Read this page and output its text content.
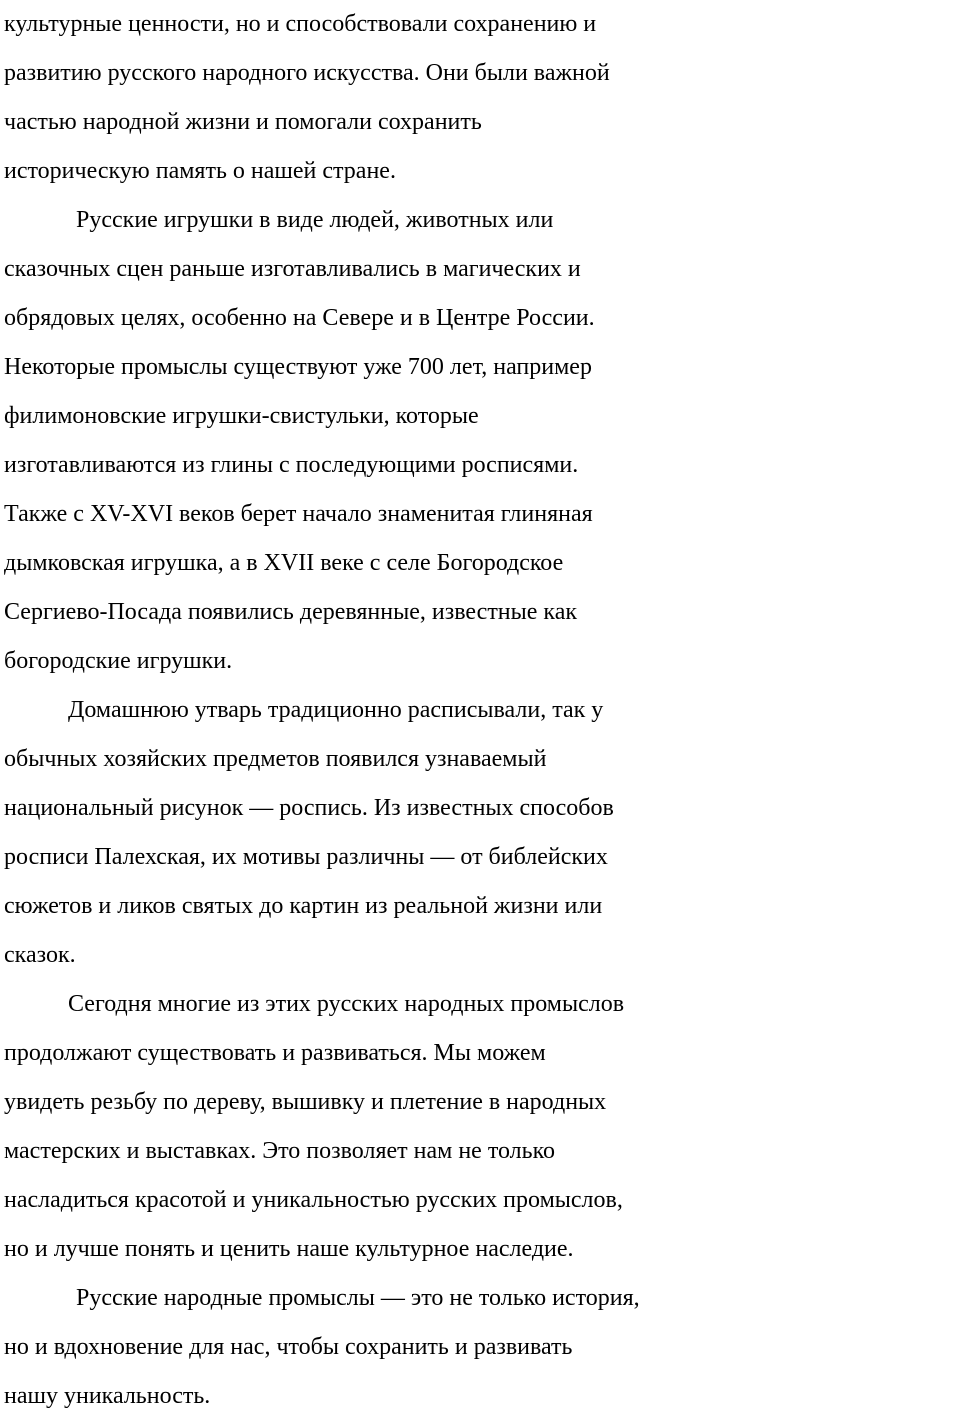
культурные ценности, но и способствовали сохранению и
развитию русского народного искусства. Они были важной
частью народной жизни и помогали сохранить
историческую память о нашей стране.
Русские игрушки в виде людей, животных или
сказочных сцен раньше изготавливались в магических и
обрядовых целях, особенно на Севере и в Центре России.
Некоторые промыслы существуют уже 700 лет, например
филимоновские игрушки-свистульки, которые
изготавливаются из глины с последующими росписями.
Также с XV-XVI веков берет начало знаменитая глиняная
дымковская игрушка, а в XVII веке с селе Богородское
Сергиево-Посада появились деревянные, известные как
богородские игрушки.
Домашнюю утварь традиционно расписывали, так у
обычных хозяйских предметов появился узнаваемый
национальный рисунок — роспись. Из известных способов
росписи Палехская, их мотивы различны — от библейских
сюжетов и ликов святых до картин из реальной жизни или
сказок.
Сегодня многие из этих русских народных промыслов
продолжают существовать и развиваться. Мы можем
увидеть резьбу по дереву, вышивку и плетение в народных
мастерских и выставках. Это позволяет нам не только
насладиться красотой и уникальностью русских промыслов,
но и лучше понять и ценить наше культурное наследие.
Русские народные промыслы — это не только история,
но и вдохновение для нас, чтобы сохранить и развивать
нашу уникальность.
